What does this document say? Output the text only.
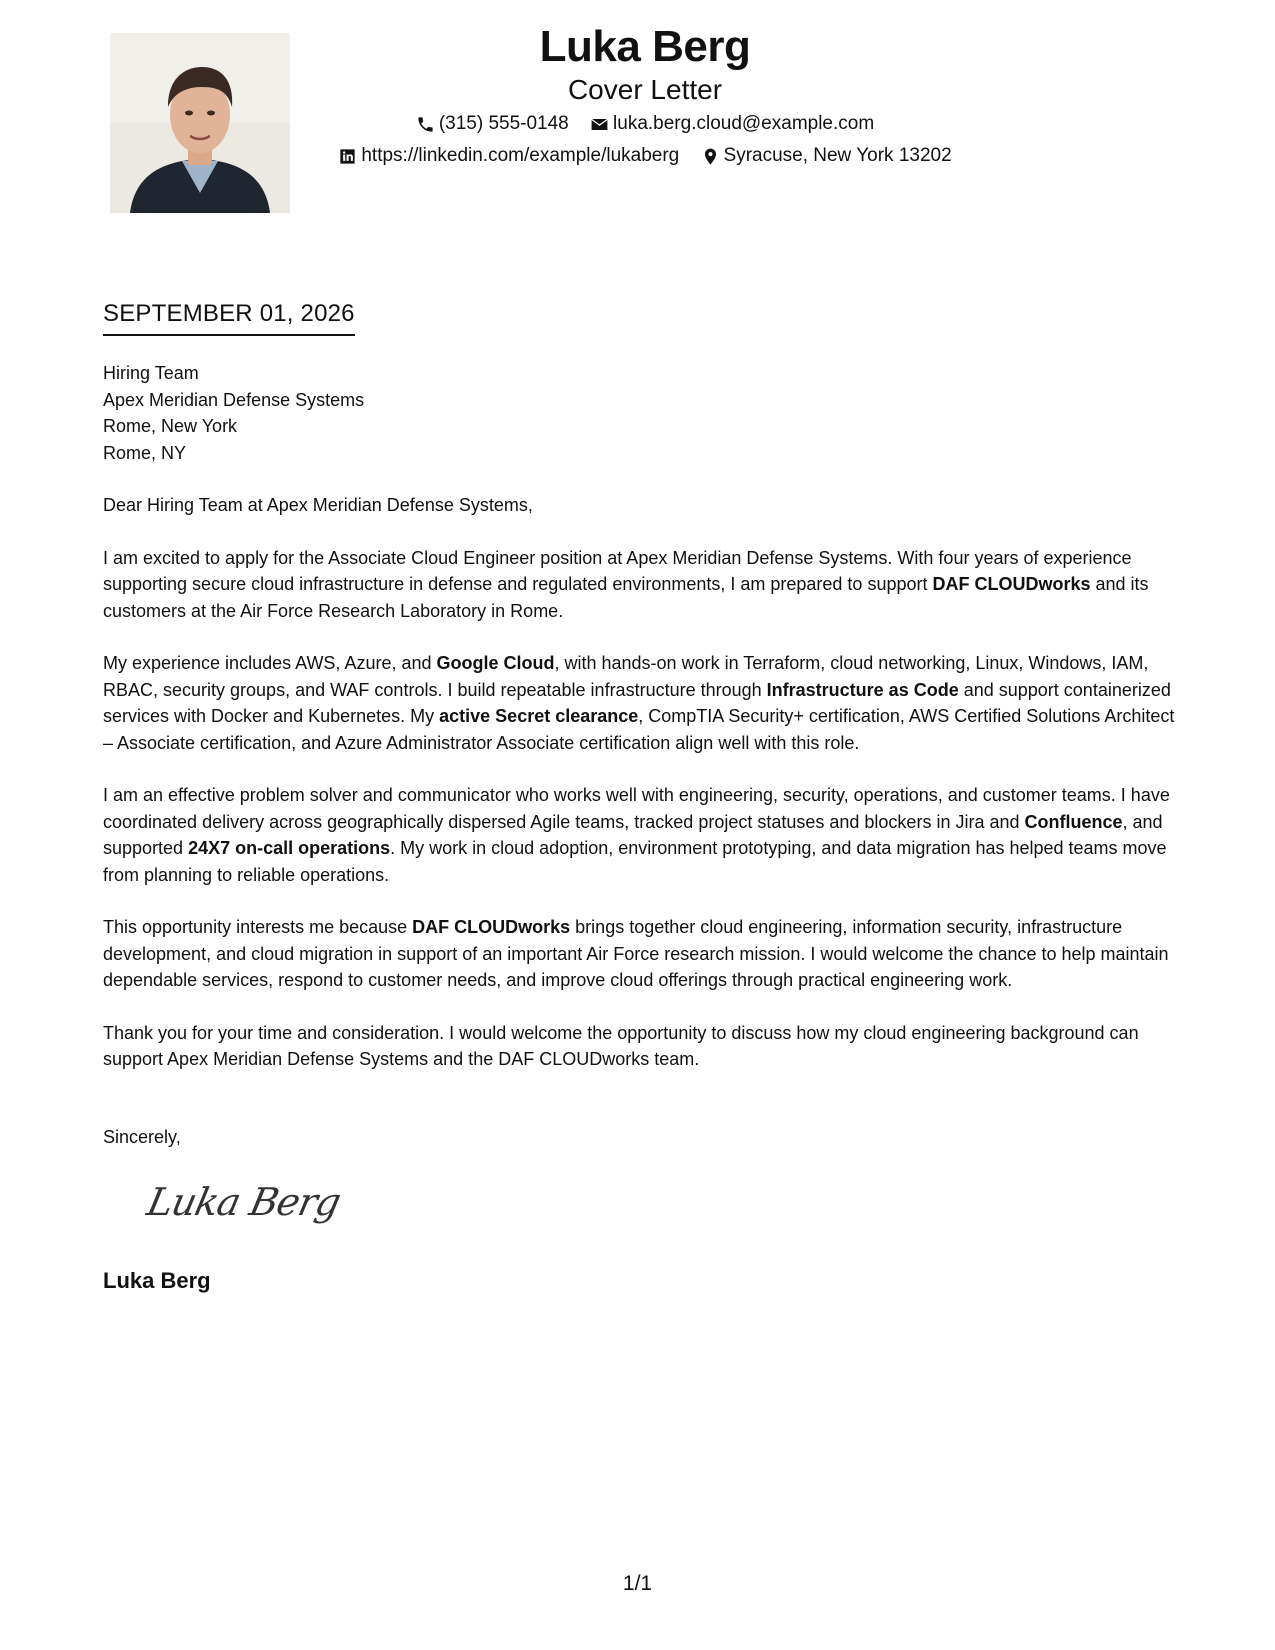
Luka Berg
Cover Letter
(315) 555-0148
luka.berg.cloud@example.com
https://linkedin.com/example/lukaberg
Syracuse, New York 13202
SEPTEMBER 01, 2026
Hiring Team
Apex Meridian Defense Systems
Rome, New York
Rome, NY

Dear Hiring Team at Apex Meridian Defense Systems,

I am excited to apply for the Associate Cloud Engineer position at Apex Meridian Defense Systems. With four years of experience supporting secure cloud infrastructure in defense and regulated environments, I am prepared to support DAF CLOUDworks and its customers at the Air Force Research Laboratory in Rome.

My experience includes AWS, Azure, and Google Cloud, with hands-on work in Terraform, cloud networking, Linux, Windows, IAM, RBAC, security groups, and WAF controls. I build repeatable infrastructure through Infrastructure as Code and support containerized services with Docker and Kubernetes. My active Secret clearance, CompTIA Security+ certification, AWS Certified Solutions Architect – Associate certification, and Azure Administrator Associate certification align well with this role.

I am an effective problem solver and communicator who works well with engineering, security, operations, and customer teams. I have coordinated delivery across geographically dispersed Agile teams, tracked project statuses and blockers in Jira and Confluence, and supported 24X7 on-call operations. My work in cloud adoption, environment prototyping, and data migration has helped teams move from planning to reliable operations.

This opportunity interests me because DAF CLOUDworks brings together cloud engineering, information security, infrastructure development, and cloud migration in support of an important Air Force research mission. I would welcome the chance to help maintain dependable services, respond to customer needs, and improve cloud offerings through practical engineering work.

Thank you for your time and consideration. I would welcome the opportunity to discuss how my cloud engineering background can support Apex Meridian Defense Systems and the DAF CLOUDworks team.

Sincerely,
Luka Berg
Luka Berg
1/1
